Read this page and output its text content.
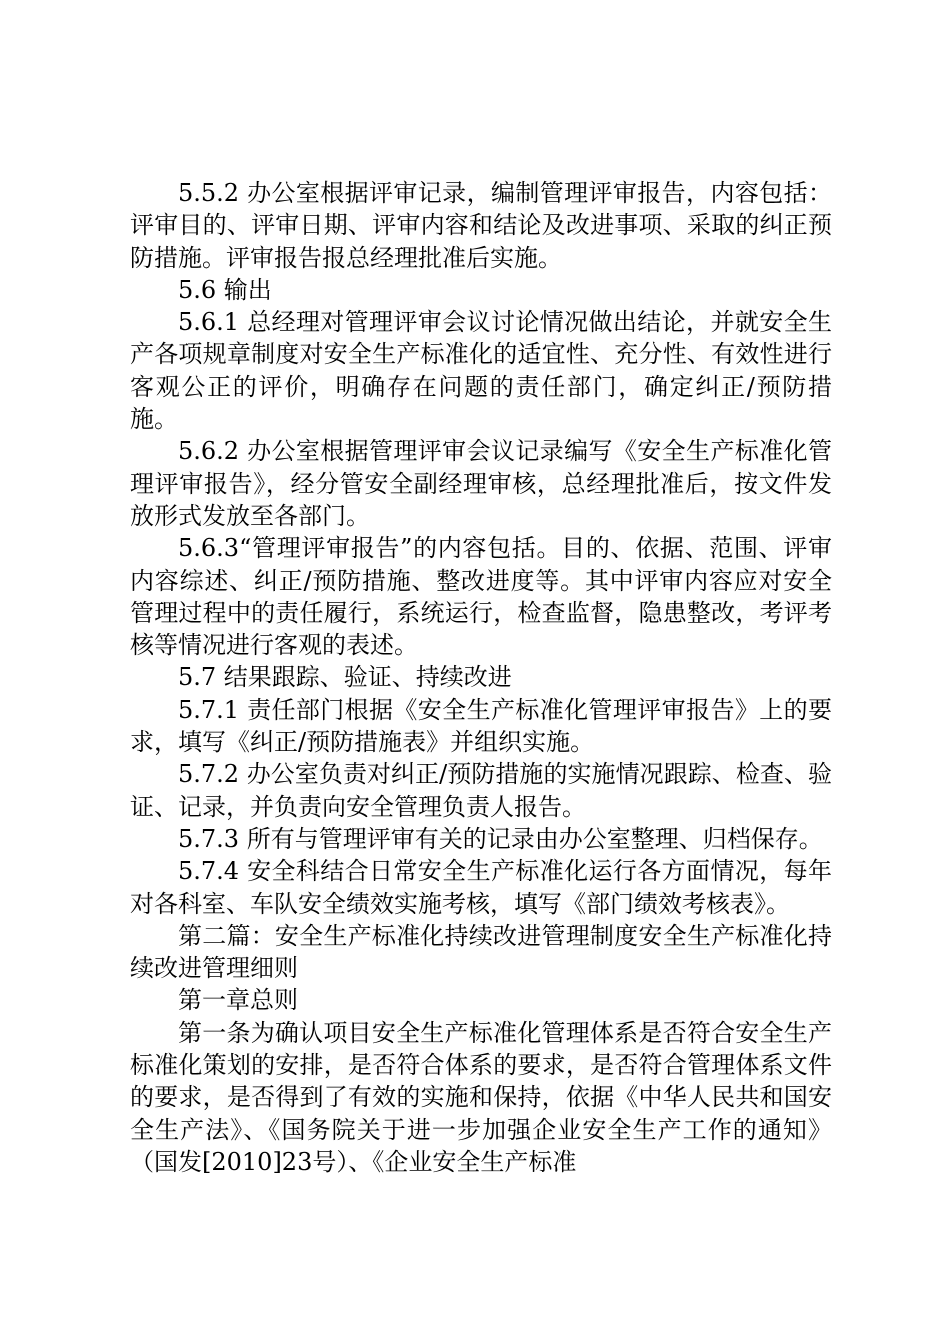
5.5.2 办公室根据评审记录，编制管理评审报告，内容包括：评审目的、评审日期、评审内容和结论及改进事项、采取的纠正预防措施。评审报告报总经理批准后实施。

5.6 输出

5.6.1 总经理对管理评审会议讨论情况做出结论，并就安全生产各项规章制度对安全生产标准化的适宜性、充分性、有效性进行客观公正的评价，明确存在问题的责任部门，确定纠正/预防措施。

5.6.2 办公室根据管理评审会议记录编写《安全生产标准化管理评审报告》，经分管安全副经理审核，总经理批准后，按文件发放形式发放至各部门。

5.6.3“管理评审报告”的内容包括。目的、依据、范围、评审内容综述、纠正/预防措施、整改进度等。其中评审内容应对安全管理过程中的责任履行，系统运行，检查监督，隐患整改，考评考核等情况进行客观的表述。

5.7 结果跟踪、验证、持续改进

5.7.1 责任部门根据《安全生产标准化管理评审报告》上的要求，填写《纠正/预防措施表》并组织实施。

5.7.2 办公室负责对纠正/预防措施的实施情况跟踪、检查、验证、记录，并负责向安全管理负责人报告。

5.7.3 所有与管理评审有关的记录由办公室整理、归档保存。

5.7.4 安全科结合日常安全生产标准化运行各方面情况，每年对各科室、车队安全绩效实施考核，填写《部门绩效考核表》。

第二篇：安全生产标准化持续改进管理制度安全生产标准化持续改进管理细则

第一章总则

第一条为确认项目安全生产标准化管理体系是否符合安全生产标准化策划的安排，是否符合体系的要求，是否符合管理体系文件的要求，是否得到了有效的实施和保持，依据《中华人民共和国安全生产法》、《国务院关于进一步加强企业安全生产工作的通知》（国发[2010]23号）、《企业安全生产标准
